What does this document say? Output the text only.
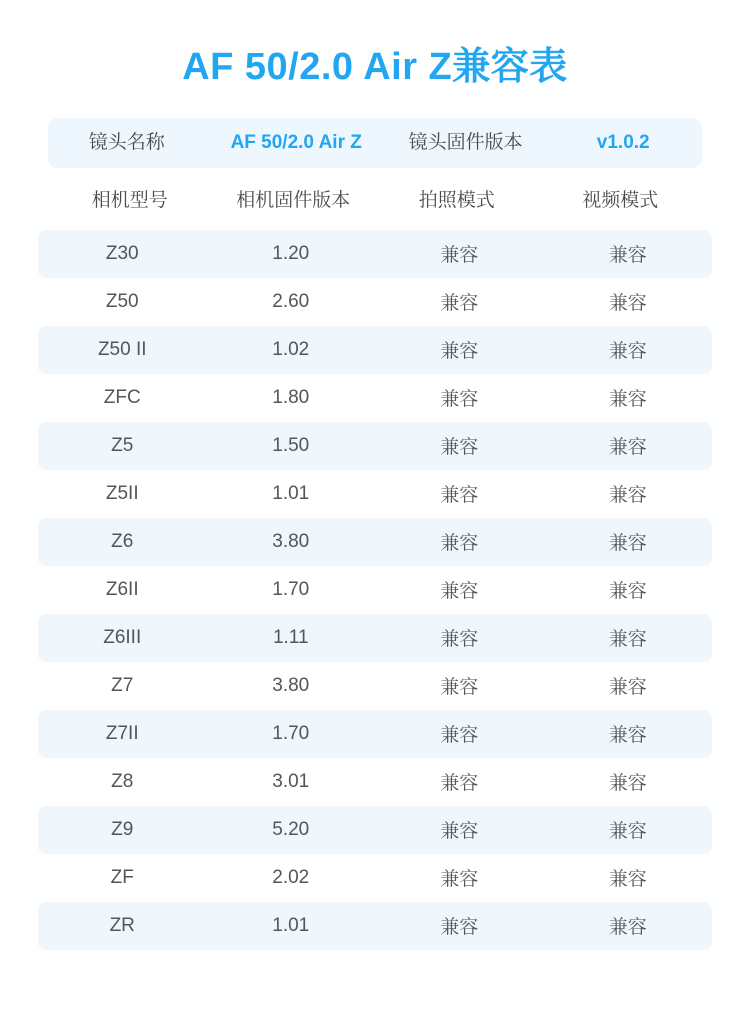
AF 50/2.0 Air Z兼容表
镜头名称	AF 50/2.0 Air Z	镜头固件版本	v1.0.2
相机型号	相机固件版本	拍照模式	视频模式
Z30	1.20	兼容	兼容
Z50	2.60	兼容	兼容
Z50 II	1.02	兼容	兼容
ZFC	1.80	兼容	兼容
Z5	1.50	兼容	兼容
Z5II	1.01	兼容	兼容
Z6	3.80	兼容	兼容
Z6II	1.70	兼容	兼容
Z6III	1.11	兼容	兼容
Z7	3.80	兼容	兼容
Z7II	1.70	兼容	兼容
Z8	3.01	兼容	兼容
Z9	5.20	兼容	兼容
ZF	2.02	兼容	兼容
ZR	1.01	兼容	兼容
